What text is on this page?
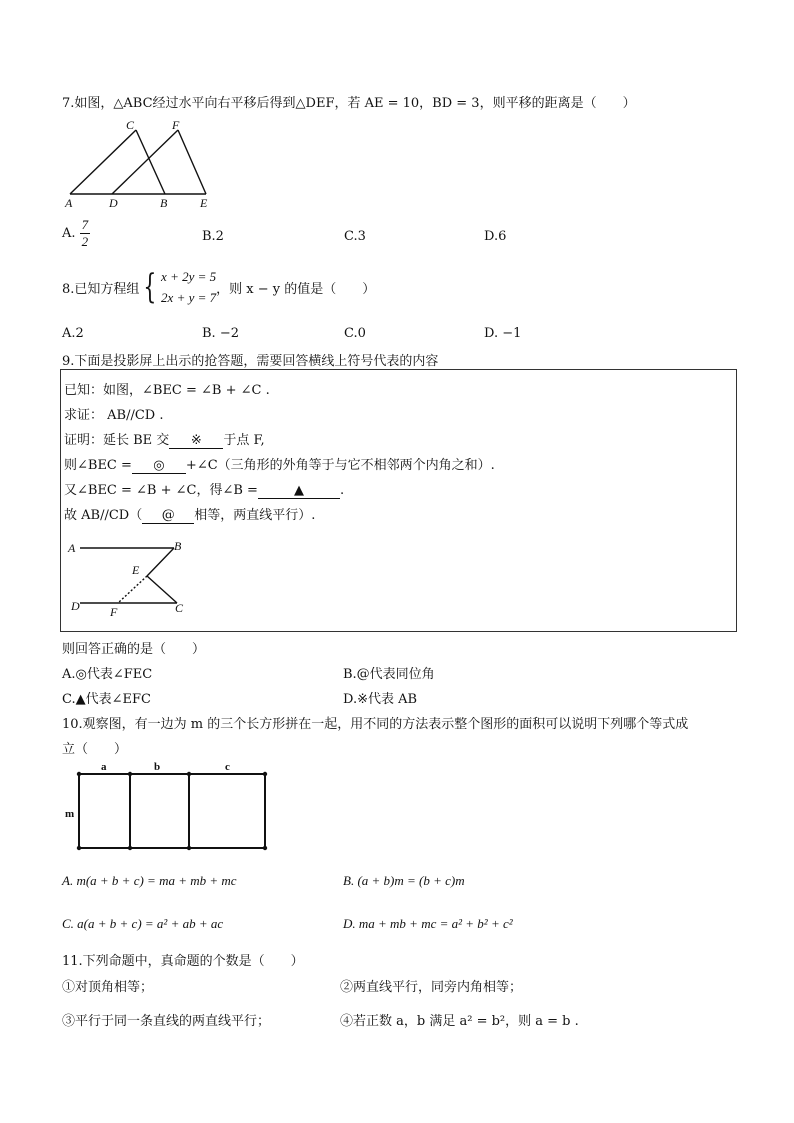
7.如图，△ABC经过水平向右平移后得到△DEF，若 AE = 10，BD = 3，则平移的距离是（　　）
A	D	B	E
C	F
A. $\frac{7}{2}$	B.2	C.3	D.6
8.已知方程组 { x + 2y = 5
2x + y = 7
，则 x − y 的值是（　　）
A.2	B. −2	C.0	D. −1
9.下面是投影屏上出示的抢答题，需要回答横线上符号代表的内容
已知：如图，∠BEC = ∠B + ∠C .
求证： AB//CD .
证明：延长 BE 交 ※ 于点 F,
则∠BEC = ◎ +∠C（三角形的外角等于与它不相邻两个内角之和）.
又∠BEC = ∠B + ∠C，得∠B =	▲	.
故 AB//CD（ @ 相等，两直线平行）.
A	B
E
D	F	C
则回答正确的是（　　）
A.◎代表∠FEC	B.@代表同位角
C.▲代表∠EFC	D.※代表 AB
10.观察图，有一边为 m 的三个长方形拼在一起，用不同的方法表示整个图形的面积可以说明下列哪个等式成
立（　　）
a	b	c
m
A. m(a + b + c) = ma + mb + mc	B. (a + b)m = (b + c)m
C. a(a + b + c) = a² + ab + ac	D. ma + mb + mc = a² + b² + c²
11.下列命题中，真命题的个数是（　　）
①对顶角相等；	②两直线平行，同旁内角相等；
③平行于同一条直线的两直线平行；	④若正数 a，b 满足 a² = b²，则 a = b .
